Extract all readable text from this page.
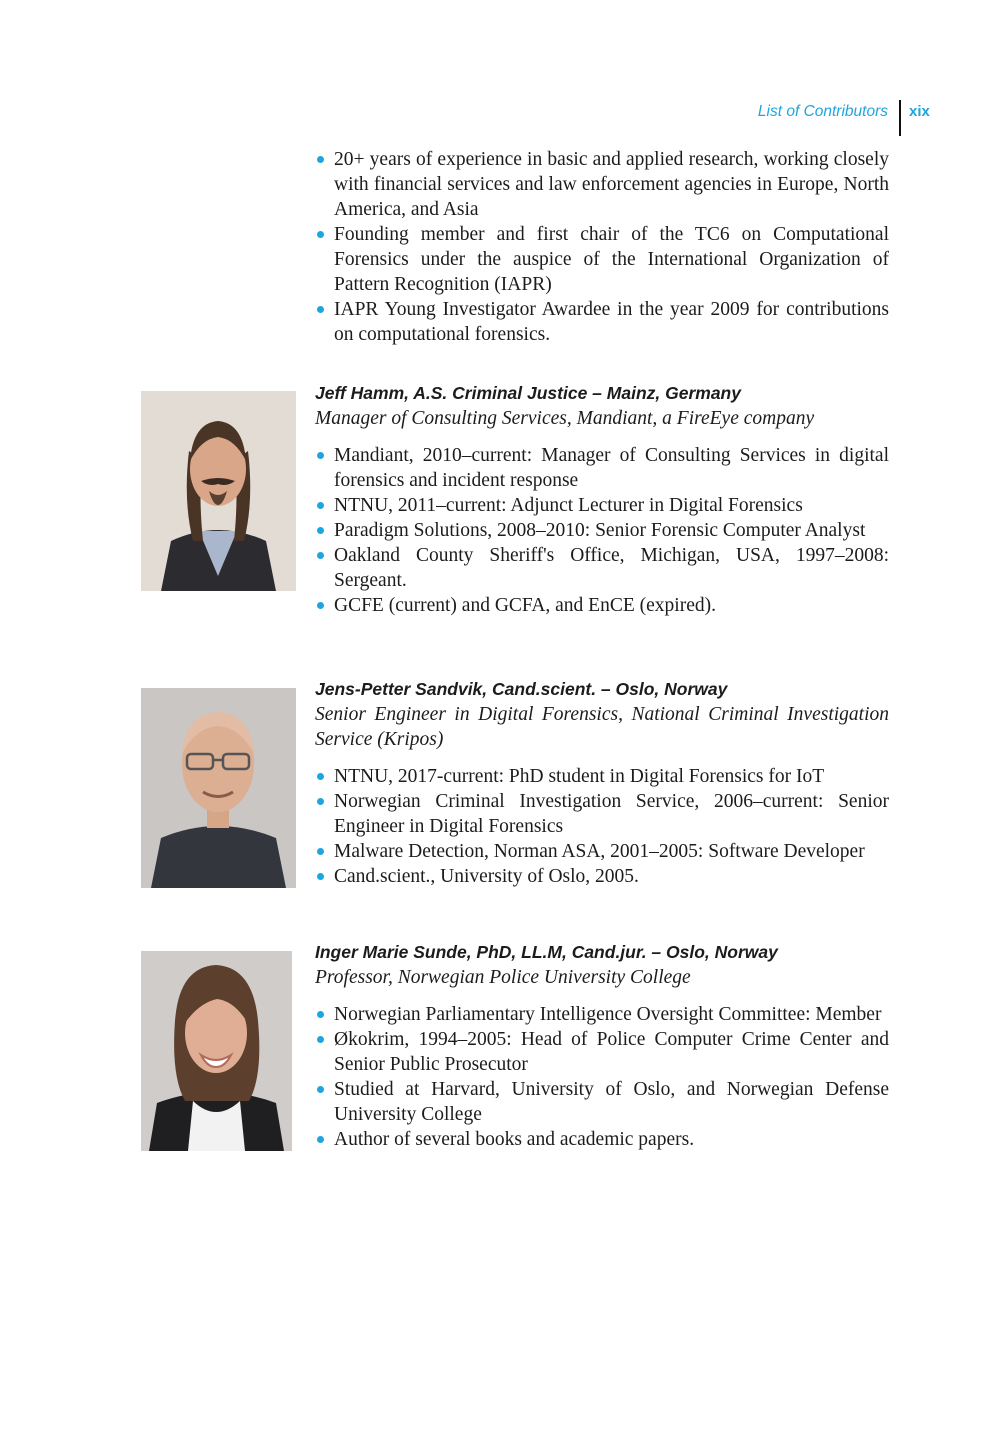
List of Contributors xix
20+ years of experience in basic and applied research, working closely with financial services and law enforcement agencies in Europe, North America, and Asia
Founding member and first chair of the TC6 on Computational Forensics under the auspice of the International Organization of Pattern Recognition (IAPR)
IAPR Young Investigator Awardee in the year 2009 for contributions on computational forensics.
Jeff Hamm, A.S. Criminal Justice – Mainz, Germany
Manager of Consulting Services, Mandiant, a FireEye company
Mandiant, 2010–current: Manager of Consulting Services in digital forensics and incident response
NTNU, 2011–current: Adjunct Lecturer in Digital Forensics
Paradigm Solutions, 2008–2010: Senior Forensic Computer Analyst
Oakland County Sheriff's Office, Michigan, USA, 1997–2008: Sergeant.
GCFE (current) and GCFA, and EnCE (expired).
Jens-Petter Sandvik, Cand.scient. – Oslo, Norway
Senior Engineer in Digital Forensics, National Criminal Investigation Service (Kripos)
NTNU, 2017-current: PhD student in Digital Forensics for IoT
Norwegian Criminal Investigation Service, 2006–current: Senior Engineer in Digital Forensics
Malware Detection, Norman ASA, 2001–2005: Software Developer
Cand.scient., University of Oslo, 2005.
Inger Marie Sunde, PhD, LL.M, Cand.jur. – Oslo, Norway
Professor, Norwegian Police University College
Norwegian Parliamentary Intelligence Oversight Committee: Member
Økokrim, 1994–2005: Head of Police Computer Crime Center and Senior Public Prosecutor
Studied at Harvard, University of Oslo, and Norwegian Defense University College
Author of several books and academic papers.
